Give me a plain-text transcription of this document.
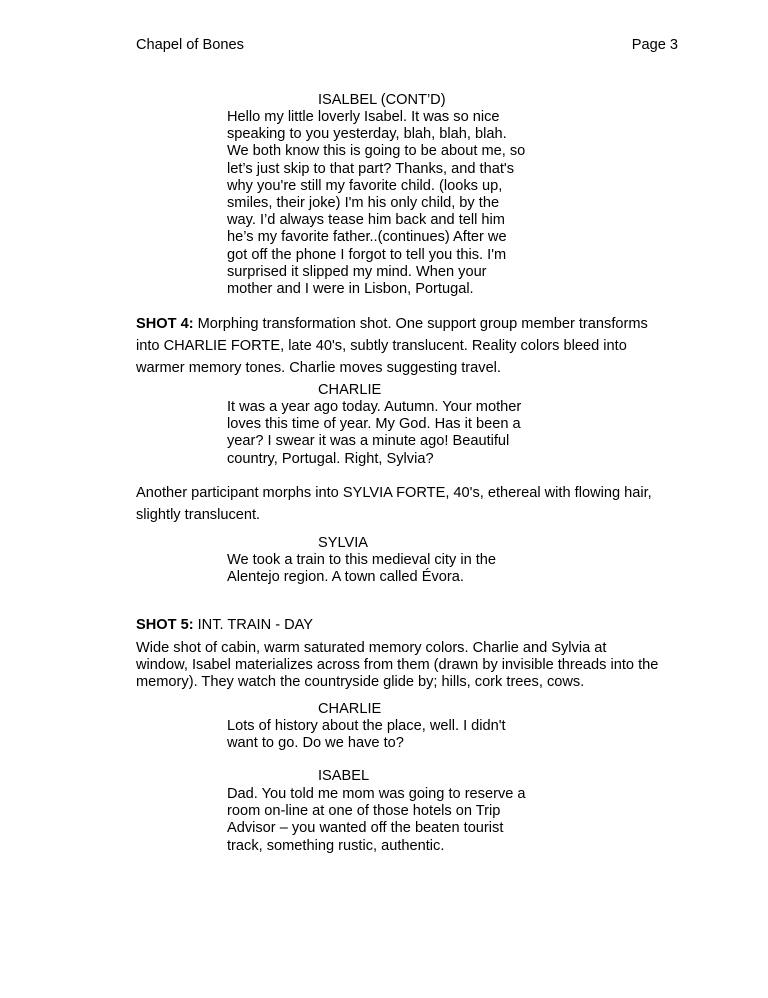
Chapel of Bones	Page 3
ISALBEL (CONT’D)
Hello my little loverly Isabel. It was so nice
speaking to you yesterday, blah, blah, blah.
We both know this is going to be about me, so
let’s just skip to that part? Thanks, and that's
why you're still my favorite child. (looks up,
smiles, their joke) I'm his only child, by the
way. I’d always tease him back and tell him
he’s my favorite father..(continues) After we
got off the phone I forgot to tell you this. I'm
surprised it slipped my mind. When your
mother and I were in Lisbon, Portugal.
SHOT 4: Morphing transformation shot. One support group member transforms
into CHARLIE FORTE, late 40's, subtly translucent. Reality colors bleed into
warmer memory tones. Charlie moves suggesting travel.
CHARLIE
It was a year ago today. Autumn. Your mother
loves this time of year. My God. Has it been a
year? I swear it was a minute ago! Beautiful
country, Portugal. Right, Sylvia?
Another participant morphs into SYLVIA FORTE, 40's, ethereal with flowing hair,
slightly translucent.
SYLVIA
We took a train to this medieval city in the
Alentejo region. A town called Évora.
SHOT 5: INT. TRAIN - DAY
Wide shot of cabin, warm saturated memory colors. Charlie and Sylvia at
window, Isabel materializes across from them (drawn by invisible threads into the
memory). They watch the countryside glide by; hills, cork trees, cows.
CHARLIE
Lots of history about the place, well. I didn't
want to go. Do we have to?
ISABEL
Dad. You told me mom was going to reserve a
room on-line at one of those hotels on Trip
Advisor – you wanted off the beaten tourist
track, something rustic, authentic.
